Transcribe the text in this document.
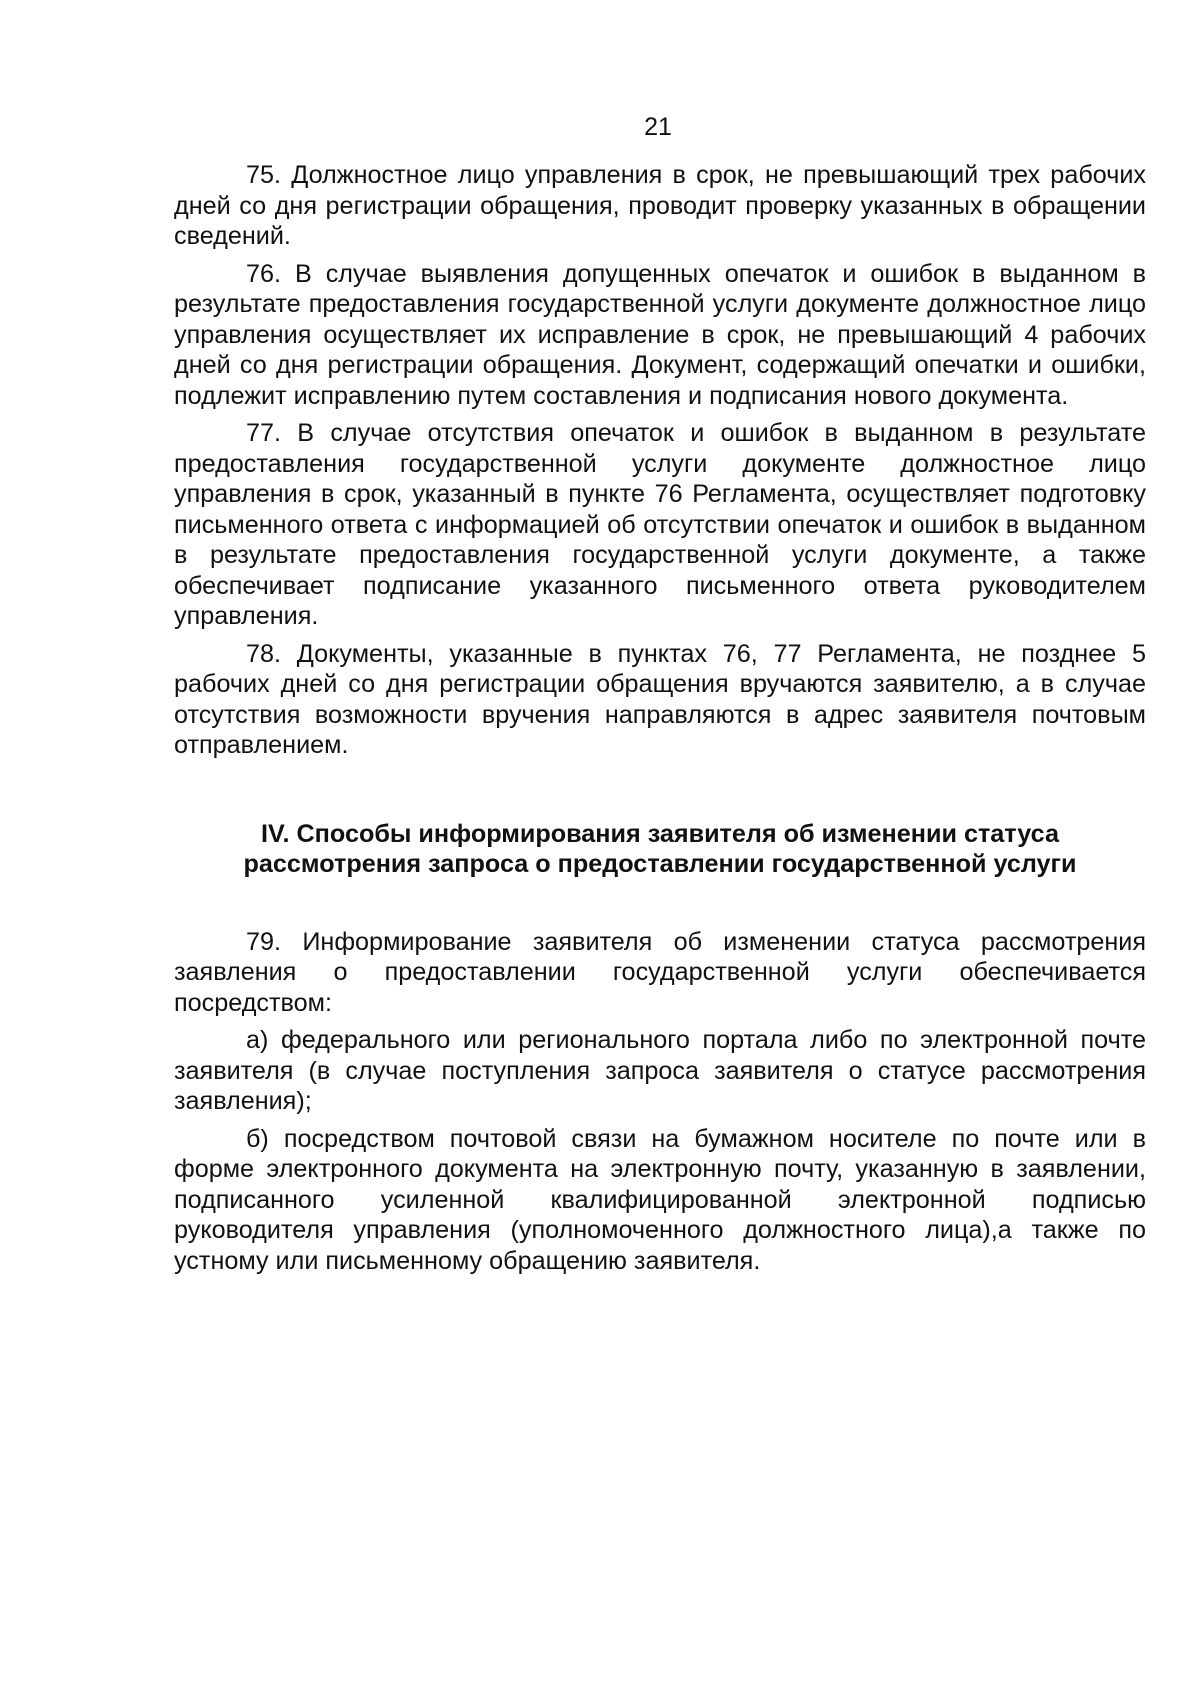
21

75. Должностное лицо управления в срок, не превышающий трех рабочих дней со дня регистрации обращения, проводит проверку указанных в обращении сведений.

76. В случае выявления допущенных опечаток и ошибок в выданном в результате предоставления государственной услуги документе должностное лицо управления осуществляет их исправление в срок, не превышающий 4 рабочих дней со дня регистрации обращения. Документ, содержащий опечатки и ошибки, подлежит исправлению путем составления и подписания нового документа.

77. В случае отсутствия опечаток и ошибок в выданном в результате предоставления государственной услуги документе должностное лицо управления в срок, указанный в пункте 76 Регламента, осуществляет подготовку письменного ответа с информацией об отсутствии опечаток и ошибок в выданном в результате предоставления государственной услуги документе, а также обеспечивает подписание указанного письменного ответа руководителем управления.

78. Документы, указанные в пунктах 76, 77 Регламента, не позднее 5 рабочих дней со дня регистрации обращения вручаются заявителю, а в случае отсутствия возможности вручения направляются в адрес заявителя почтовым отправлением.

IV. Способы информирования заявителя об изменении статуса
рассмотрения запроса о предоставлении государственной услуги

79. Информирование заявителя об изменении статуса рассмотрения заявления о предоставлении государственной услуги обеспечивается посредством:

а) федерального или регионального портала либо по электронной почте заявителя (в случае поступления запроса заявителя о статусе рассмотрения заявления);

б) посредством почтовой связи на бумажном носителе по почте или в форме электронного документа на электронную почту, указанную в заявлении, подписанного усиленной квалифицированной электронной подписью руководителя управления (уполномоченного должностного лица),а также по устному или письменному обращению заявителя.
